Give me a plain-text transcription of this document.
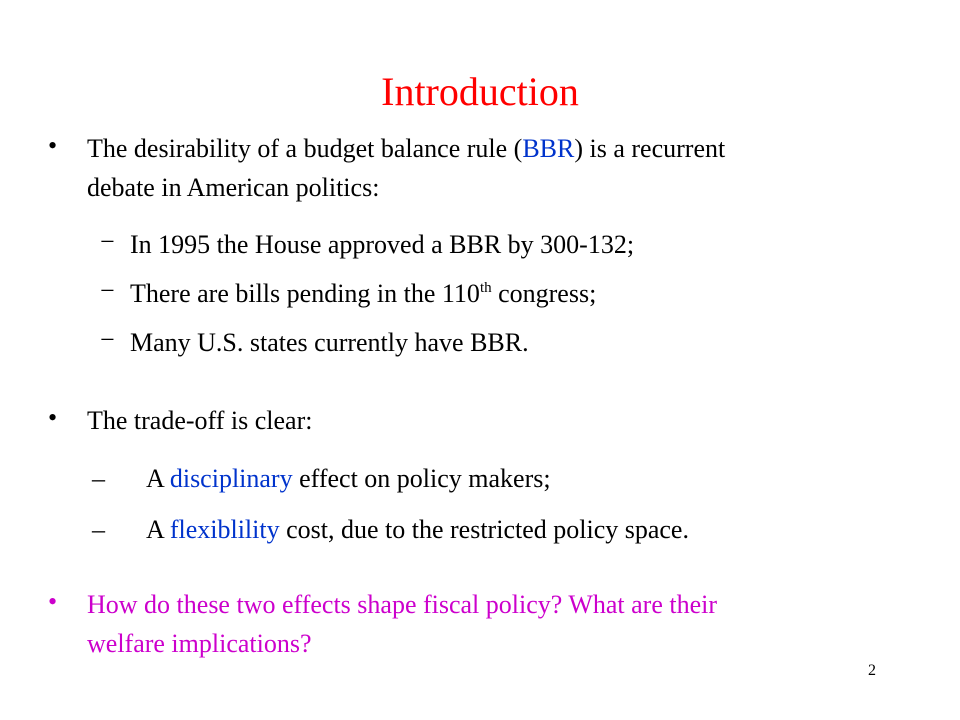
Introduction
• The desirability of a budget balance rule (BBR) is a recurrent
debate in American politics:
− In 1995 the House approved a BBR by 300-132;
− There are bills pending in the 110th congress;
− Many U.S. states currently have BBR.
• The trade-off is clear:
– A disciplinary effect on policy makers;
– A flexiblility cost, due to the restricted policy space.
• How do these two effects shape fiscal policy? What are their
welfare implications?
2
